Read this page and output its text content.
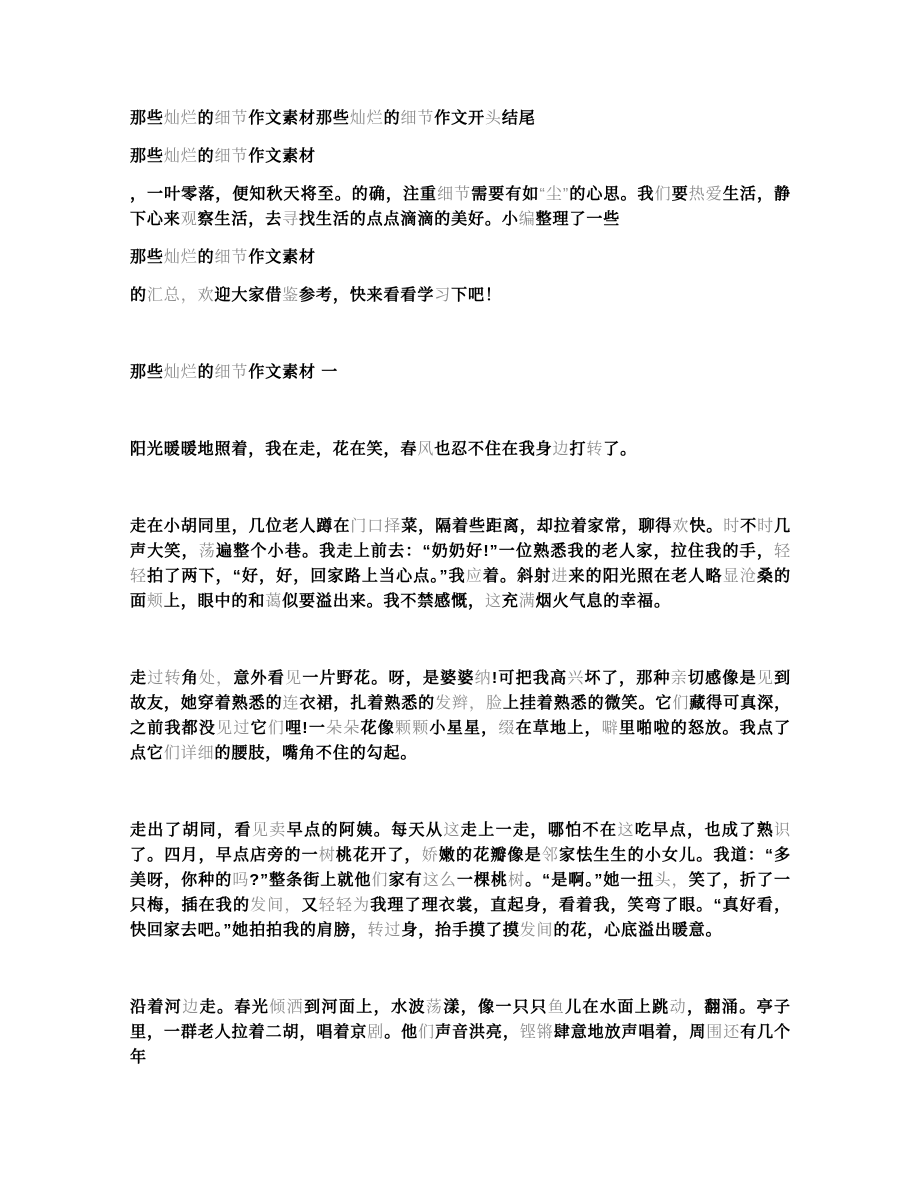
那些灿烂的细节作文素材那些灿烂的细节作文开头结尾

那些灿烂的细节作文素材

，一叶零落，便知秋天将至。的确，注重细节需要有如“尘”的心思。我们要热爱生活，静下心来观察生活，去寻找生活的点点滴滴的美好。小编整理了一些

那些灿烂的细节作文素材

的汇总，欢迎大家借鉴参考，快来看看学习下吧！

那些灿烂的细节作文素材 一

阳光暖暖地照着，我在走，花在笑，春风也忍不住在我身边打转了。

走在小胡同里，几位老人蹲在门口择菜，隔着些距离，却拉着家常，聊得欢快。时不时几声大笑，荡遍整个小巷。我走上前去：“奶奶好!”一位熟悉我的老人家，拉住我的手，轻轻拍了两下，“好，好，回家路上当心点。”我应着。斜射进来的阳光照在老人略显沧桑的面颊上，眼中的和蔼似要溢出来。我不禁感慨，这充满烟火气息的幸福。

走过转角处，意外看见一片野花。呀，是婆婆纳!可把我高兴坏了，那种亲切感像是见到故友，她穿着熟悉的连衣裙，扎着熟悉的发辫，脸上挂着熟悉的微笑。它们藏得可真深，之前我都没见过它们哩!一朵朵花像颗颗小星星，缀在草地上，噼里啪啦的怒放。我点了点它们详细的腰肢，嘴角不住的勾起。

走出了胡同，看见卖早点的阿姨。每天从这走上一走，哪怕不在这吃早点，也成了熟识了。四月，早点店旁的一树桃花开了，娇嫩的花瓣像是邻家怯生生的小女儿。我道：“多美呀，你种的吗?”整条街上就他们家有这么一棵桃树。“是啊。”她一扭头，笑了，折了一只梅，插在我的发间，又轻轻为我理了理衣裳，直起身，看着我，笑弯了眼。“真好看，快回家去吧。”她拍拍我的肩膀，转过身，抬手摸了摸发间的花，心底溢出暖意。

沿着河边走。春光倾洒到河面上，水波荡漾，像一只只鱼儿在水面上跳动，翻涌。亭子里，一群老人拉着二胡，唱着京剧。他们声音洪亮，铿锵肆意地放声唱着，周围还有几个年
